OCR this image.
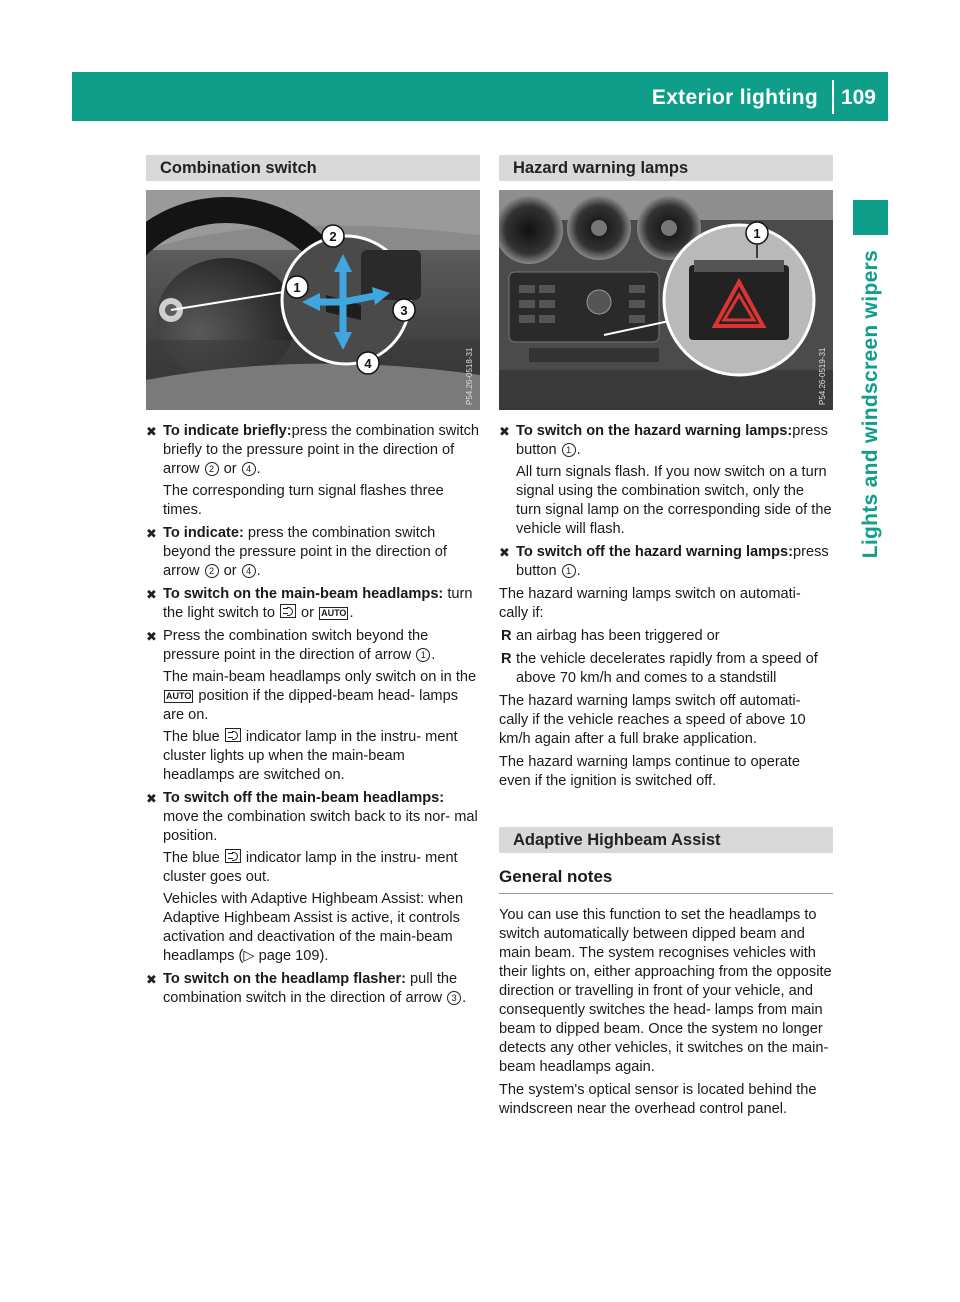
Exterior lighting 109
Lights and windscreen wipers
Combination switch
2
1
3
4	P54.26-0518-31
✖ To indicate briefly:press the combination switch briefly to the pressure point in the direction of arrow 2 or 4 .

The corresponding turn signal flashes three times.

✖ To indicate: press the combination switch beyond the pressure point in the direction of arrow 2 or 4 .

✖ To switch on the main-beam headlamps: turn the light switch to  or AUTO .

✖ Press the combination switch beyond the pressure point in the direction of arrow 1 .

The main-beam headlamps only switch on in the AUTO position if the dipped-beam head- lamps are on.

The blue  indicator lamp in the instru- ment cluster lights up when the main-beam headlamps are switched on.

✖ To switch off the main-beam headlamps: move the combination switch back to its nor- mal position.

The blue  indicator lamp in the instru- ment cluster goes out.

Vehicles with Adaptive Highbeam Assist: when Adaptive Highbeam Assist is active, it controls activation and deactivation of the main-beam headlamps (▷ page 109).

✖ To switch on the headlamp flasher: pull the combination switch in the direction of arrow 3 .

Hazard warning lamps
1
P54.26-0519-31
✖ To switch on the hazard warning lamps:press button 1 .

All turn signals flash. If you now switch on a turn signal using the combination switch, only the turn signal lamp on the corresponding side of the vehicle will flash.

✖ To switch off the hazard warning lamps:press button 1 .

The hazard warning lamps switch on automati- cally if:

R an airbag has been triggered or
R the vehicle decelerates rapidly from a speed of above 70 km/h and comes to a standstill

The hazard warning lamps switch off automati- cally if the vehicle reaches a speed of above 10 km/h again after a full brake application.

The hazard warning lamps continue to operate even if the ignition is switched off.

Adaptive Highbeam Assist
General notes

You can use this function to set the headlamps to switch automatically between dipped beam and main beam. The system recognises vehicles with their lights on, either approaching from the opposite direction or travelling in front of your vehicle, and consequently switches the head- lamps from main beam to dipped beam. Once the system no longer detects any other vehicles, it switches on the main-beam headlamps again.

The system's optical sensor is located behind the windscreen near the overhead control panel.
